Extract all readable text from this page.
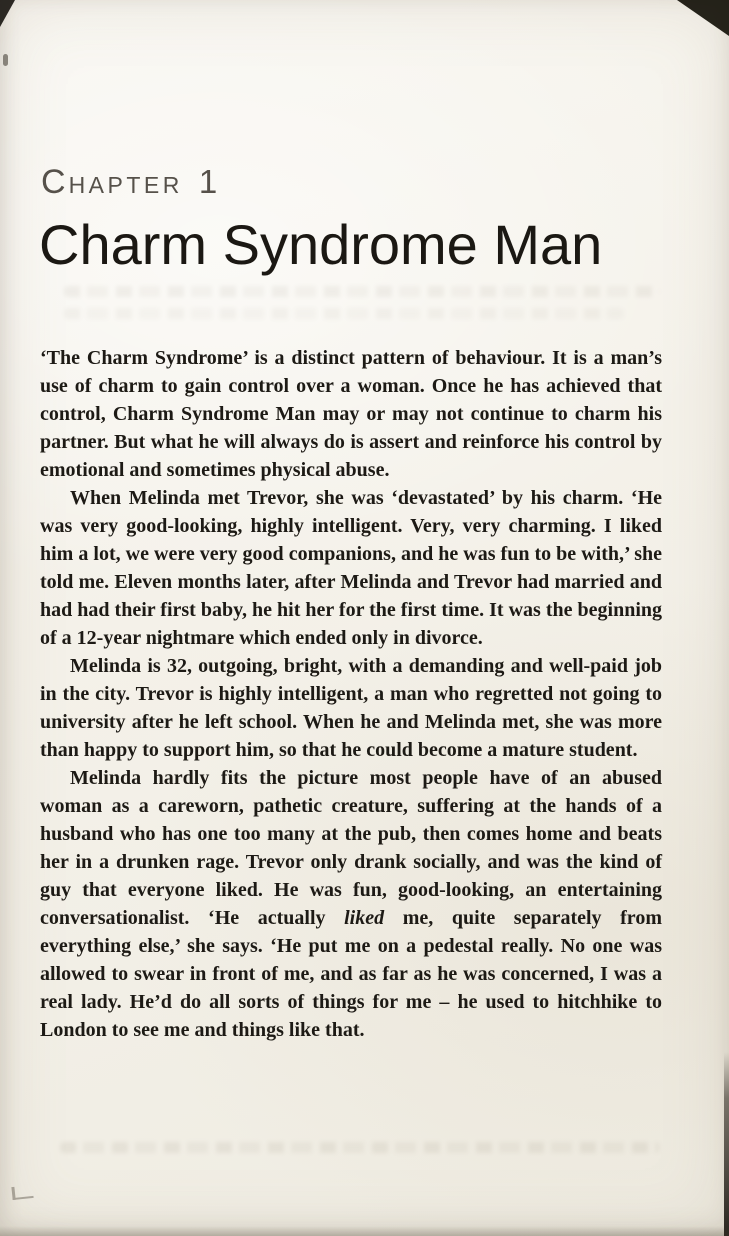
CHAPTER 1
Charm Syndrome Man

‘The Charm Syndrome’ is a distinct pattern of behaviour. It is a man’s use of charm to gain control over a woman. Once he has achieved that control, Charm Syndrome Man may or may not continue to charm his partner. But what he will always do is assert and reinforce his control by emotional and sometimes physical abuse.

When Melinda met Trevor, she was ‘devastated’ by his charm. ‘He was very good-looking, highly intelligent. Very, very charming. I liked him a lot, we were very good companions, and he was fun to be with,’ she told me. Eleven months later, after Melinda and Trevor had married and had had their first baby, he hit her for the first time. It was the beginning of a 12-year nightmare which ended only in divorce.

Melinda is 32, outgoing, bright, with a demanding and well-paid job in the city. Trevor is highly intelligent, a man who regretted not going to university after he left school. When he and Melinda met, she was more than happy to support him, so that he could become a mature student.

Melinda hardly fits the picture most people have of an abused woman as a careworn, pathetic creature, suffering at the hands of a husband who has one too many at the pub, then comes home and beats her in a drunken rage. Trevor only drank socially, and was the kind of guy that everyone liked. He was fun, good-looking, an entertaining conversationalist. ‘He actually liked me, quite separately from everything else,’ she says. ‘He put me on a pedestal really. No one was allowed to swear in front of me, and as far as he was concerned, I was a real lady. He’d do all sorts of things for me – he used to hitchhike to London to see me and things like that.
